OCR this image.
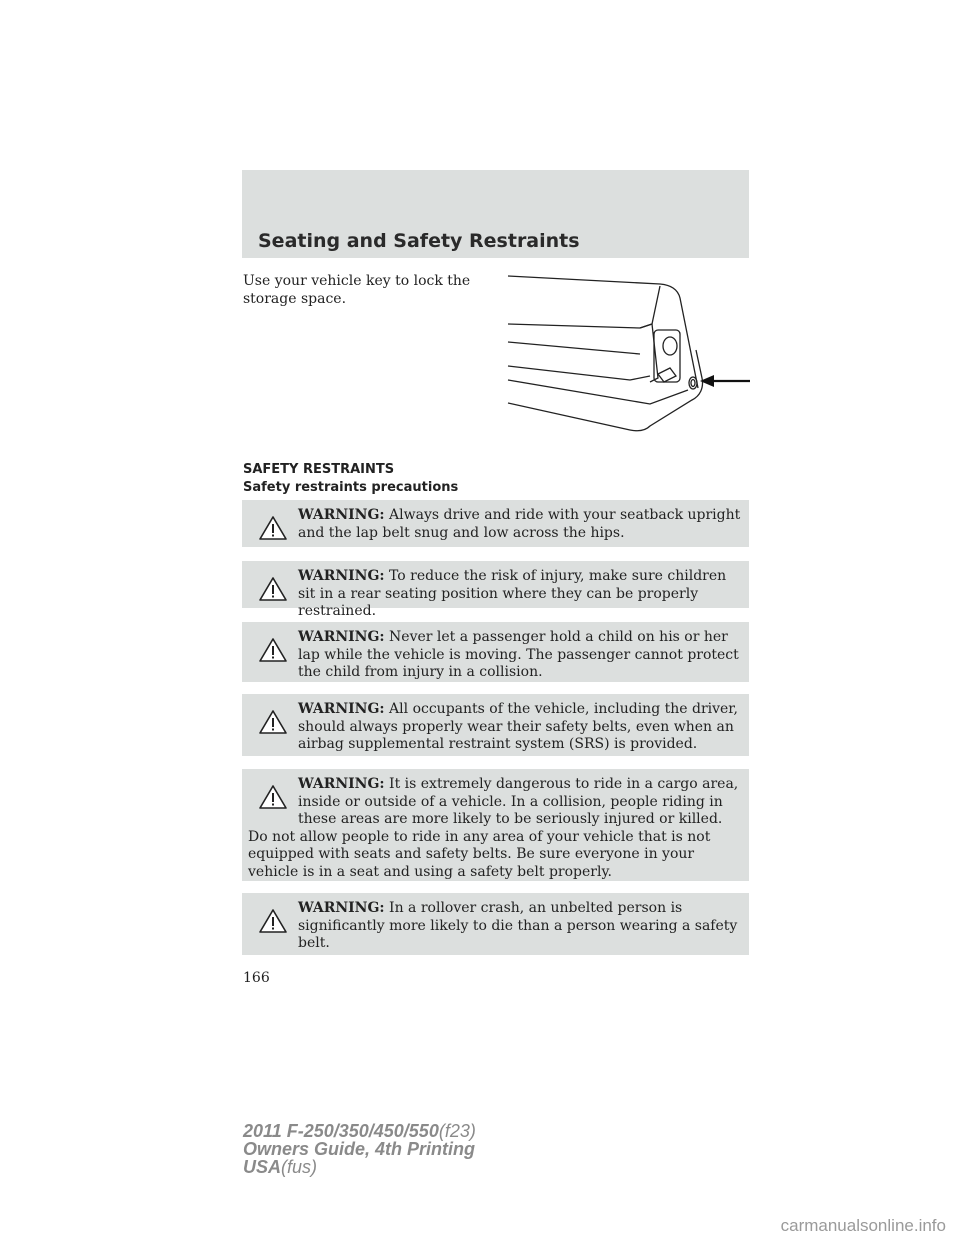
Seating and Safety Restraints

Use your vehicle key to lock the storage space.

SAFETY RESTRAINTS

Safety restraints precautions

WARNING: Always drive and ride with your seatback upright and the lap belt snug and low across the hips.

WARNING: To reduce the risk of injury, make sure children sit in a rear seating position where they can be properly restrained.

WARNING: Never let a passenger hold a child on his or her lap while the vehicle is moving. The passenger cannot protect the child from injury in a collision.

WARNING: All occupants of the vehicle, including the driver, should always properly wear their safety belts, even when an airbag supplemental restraint system (SRS) is provided.

WARNING: It is extremely dangerous to ride in a cargo area, inside or outside of a vehicle. In a collision, people riding in these areas are more likely to be seriously injured or killed. Do not allow people to ride in any area of your vehicle that is not equipped with seats and safety belts. Be sure everyone in your vehicle is in a seat and using a safety belt properly.

WARNING: In a rollover crash, an unbelted person is significantly more likely to die than a person wearing a safety belt.

166

2011 F-250/350/450/550(f23)
Owners Guide, 4th Printing
USA(fus)

carmanualsonline.info
